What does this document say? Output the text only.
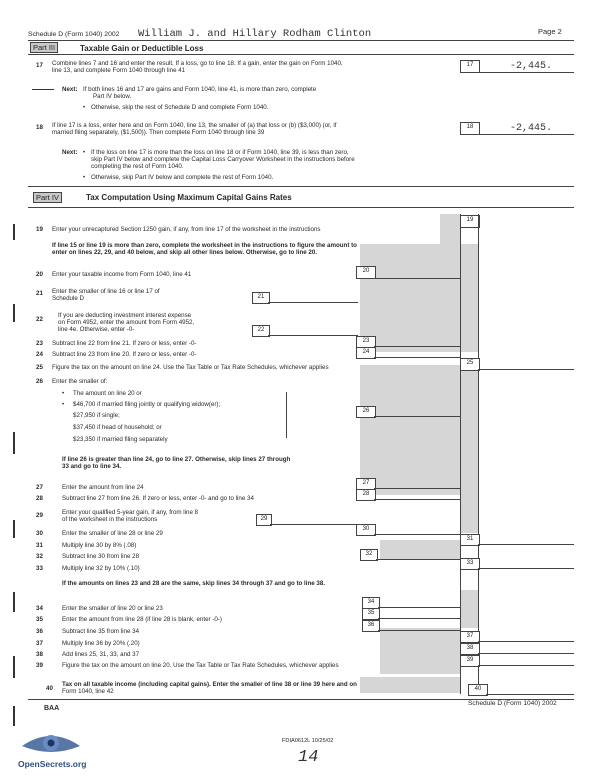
Schedule D (Form 1040) 2002 William J. and Hillary Rodham Clinton	Page 2
Part III	Taxable Gain or Deductible Loss
17 Combine lines 7 and 16 and enter the result. If a loss, go to line 18. If a gain, enter the gain on Form 1040,
line 13, and complete Form 1040 through line 41
17	-2,445.
Next: If both lines 16 and 17 are gains and Form 1040, line 41, is more than zero, complete
Part IV below.
• Otherwise, skip the rest of Schedule D and complete Form 1040.
18 If line 17 is a loss, enter here and on Form 1040, line 13, the smaller of (a) that loss or (b) ($3,000) (or, if
married filing separately, ($1,500)). Then complete Form 1040 through line 39
18	-2,445.
Next: • If the loss on line 17 is more than the loss on line 18 or if Form 1040, line 39, is less than zero,
skip Part IV below and complete the Capital Loss Carryover Worksheet in the instructions before
completing the rest of Form 1040.
• Otherwise, skip Part IV below and complete the rest of Form 1040.
Part IV	Tax Computation Using Maximum Capital Gains Rates
19 Enter your unrecaptured Section 1250 gain, if any, from line 17 of the worksheet in the instructions
19
If line 15 or line 19 is more than zero, complete the worksheet in the instructions to figure the amount to
enter on lines 22, 29, and 40 below, and skip all other lines below. Otherwise, go to line 20.
20 Enter your taxable income from Form 1040, line 41	20
21 Enter the smaller of line 16 or line 17 of
Schedule D	21
22
If you are deducting investment interest expense
on Form 4952, enter the amount from Form 4952,
line 4e. Otherwise, enter -0-	22
23 Subtract line 22 from line 21. If zero or less, enter -0-	23
24 Subtract line 23 from line 20. If zero or less, enter -0-	24
25 Figure the tax on the amount on line 24. Use the Tax Table or Tax Rate Schedules, whichever applies
25
26 Enter the smaller of:
• The amount on line 20 or
• $46,700 if married filing jointly or qualifying widow(er);
$27,950 if single;
$37,450 if head of household; or
$23,350 if married filing separately
26
If line 26 is greater than line 24, go to line 27. Otherwise, skip lines 27 through
33 and go to line 34.
27	Enter the amount from line 24
27
28	Subtract line 27 from line 26. If zero or less, enter -0- and go to line 34
28
29	Enter your qualified 5-year gain, if any, from line 8
of the worksheet in the instructions	29
30	Enter the smaller of line 28 or line 29
30
31	Multiply line 30 by 8% (.08)
31
32	Subtract line 30 from line 28	32
33	Multiply line 32 by 10% (.10)
33
If the amounts on lines 23 and 28 are the same, skip lines 34 through 37 and go to line 38.
34	Enter the smaller of line 20 or line 23
34
35	Enter the amount from line 28 (if line 28 is blank, enter -0-)
35
36	Subtract line 35 from line 34
36
37	Multiply line 36 by 20% (.20)
37
38	Add lines 25, 31, 33, and 37
38
39	Figure the tax on the amount on line 20. Use the Tax Table or Tax Rate Schedules, whichever applies
39
40
Tax on all taxable income (including capital gains). Enter the smaller of line 38 or line 39 here and on
Form 1040, line 42	40
BAA
Schedule D (Form 1040) 2002
FDIA0612L 10/25/02
14
OpenSecrets.org
